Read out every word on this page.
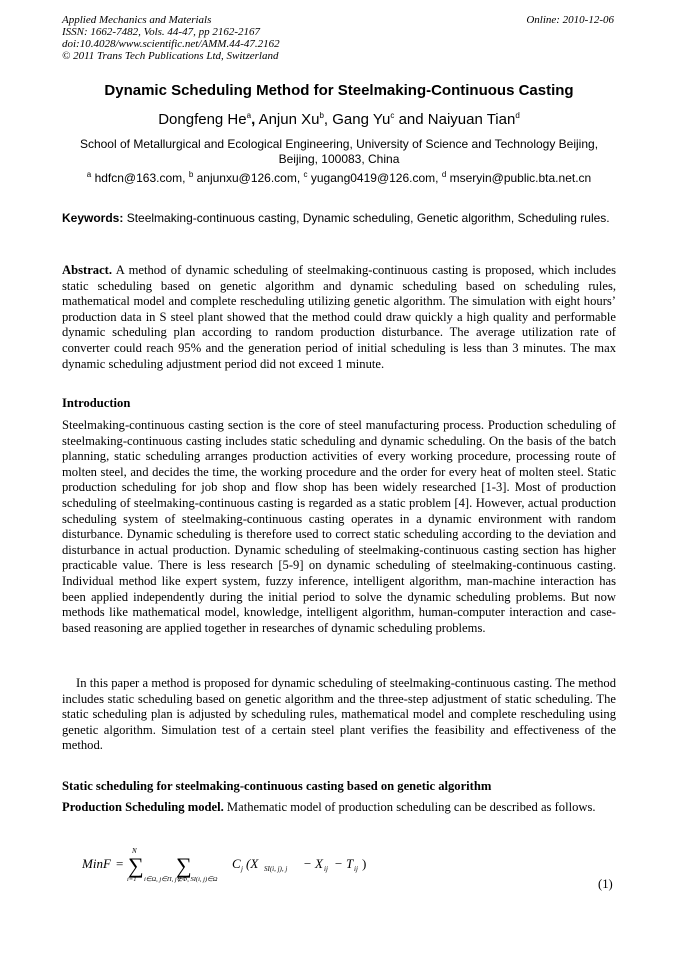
Applied Mechanics and Materials
ISSN: 1662-7482, Vols. 44-47, pp 2162-2167
doi:10.4028/www.scientific.net/AMM.44-47.2162
© 2011 Trans Tech Publications Ltd, Switzerland
Online: 2010-12-06
Dynamic Scheduling Method for Steelmaking-Continuous Casting
Dongfeng He$^a$, Anjun Xu$^b$, Gang Yu$^c$ and Naiyuan Tian$^d$
School of Metallurgical and Ecological Engineering, University of Science and Technology Beijing, Beijing, 100083, China
$^a$ hdfcn@163.com, $^b$ anjunxu@126.com, $^c$ yugang0419@126.com, $^d$ mseryin@public.bta.net.cn
Keywords: Steelmaking-continuous casting, Dynamic scheduling, Genetic algorithm, Scheduling rules.
Abstract. A method of dynamic scheduling of steelmaking-continuous casting is proposed, which includes static scheduling based on genetic algorithm and dynamic scheduling based on scheduling rules, mathematical model and complete rescheduling utilizing genetic algorithm. The simulation with eight hours’ production data in S steel plant showed that the method could draw quickly a high quality and performable dynamic scheduling plan according to random production disturbance. The average utilization rate of converter could reach 95% and the generation period of initial scheduling is less than 3 minutes. The max dynamic scheduling adjustment period did not exceed 1 minute.
Introduction
Steelmaking-continuous casting section is the core of steel manufacturing process. Production scheduling of steelmaking-continuous casting includes static scheduling and dynamic scheduling. On the basis of the batch planning, static scheduling arranges production activities of every working procedure, processing route of molten steel, and decides the time, the working procedure and the order for every heat of molten steel. Static production scheduling for job shop and flow shop has been widely researched [1-3]. Most of production scheduling of steelmaking-continuous casting is regarded as a static problem [4]. However, actual production scheduling system of steelmaking-continuous casting operates in a dynamic environment with random disturbance. Dynamic scheduling is therefore used to correct static scheduling according to the deviation and disturbance in actual production. Dynamic scheduling of steelmaking-continuous casting section has higher practicable value. There is less research [5-9] on dynamic scheduling of steelmaking-continuous casting. Individual method like expert system, fuzzy inference, intelligent algorithm, man-machine interaction has been applied independently during the initial period to solve the dynamic scheduling problems. But now methods like mathematical model, knowledge, intelligent algorithm, human-computer interaction and case-based reasoning are applied together in researches of dynamic scheduling problems.
In this paper a method is proposed for dynamic scheduling of steelmaking-continuous casting. The method includes static scheduling based on genetic algorithm and the three-step adjustment of static scheduling. The static scheduling plan is adjusted by scheduling rules, mathematical model and complete rescheduling using genetic algorithm. Simulation test of a certain steel plant verifies the feasibility and effectiveness of the method.
Static scheduling for steelmaking-continuous casting based on genetic algorithm
Production Scheduling model. Mathematic model of production scheduling can be described as follows.
MinF = ∑
N
i=1
∑
i∈Ω, j∈Π, j∉Φ, SI(i, j)∈Ω
C j (X SI(i, j), j − X ij − T ij )
(1)
